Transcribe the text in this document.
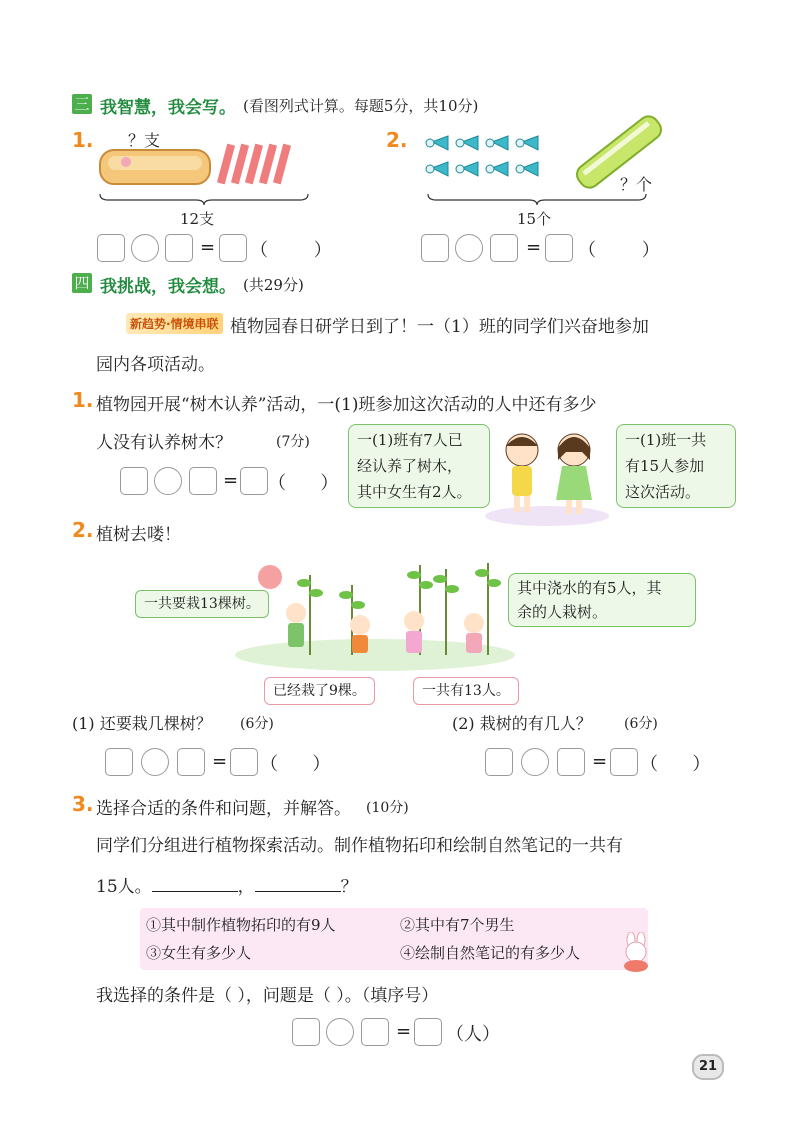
三 我智慧，我会写。 (看图列式计算。每题5分，共10分)
1. ？支
12支
= （        ）
2.
？个
15个
= （        ）
四 我挑战，我会想。 (共29分)
新趋势·情境串联 植物园春日研学日到了！一（1）班的同学们兴奋地参加
园内各项活动。
1. 植物园开展“树木认养”活动，一(1)班参加这次活动的人中还有多少
人没有认养树木？	(7分)
= （      ）
一(1)班有7人已
经认养了树木，
其中女生有2人。
一(1)班一共
有15人参加
这次活动。
2. 植树去喽！
一共要栽13棵树。
其中浇水的有5人，其
余的人栽树。
已经栽了9棵。	一共有13人。
(1) 还要栽几棵树？ (6分)	(2) 栽树的有几人？ (6分)
= （      ）	= （      ）
3. 选择合适的条件和问题，并解答。 (10分)
同学们分组进行植物探索活动。制作植物拓印和绘制自然笔记的一共有
15人。	，	？
①其中制作植物拓印的有9人	②其中有7个男生
③女生有多少人	④绘制自然笔记的有多少人
我选择的条件是（ ），问题是（ ）。（填序号）
= （人）
21
